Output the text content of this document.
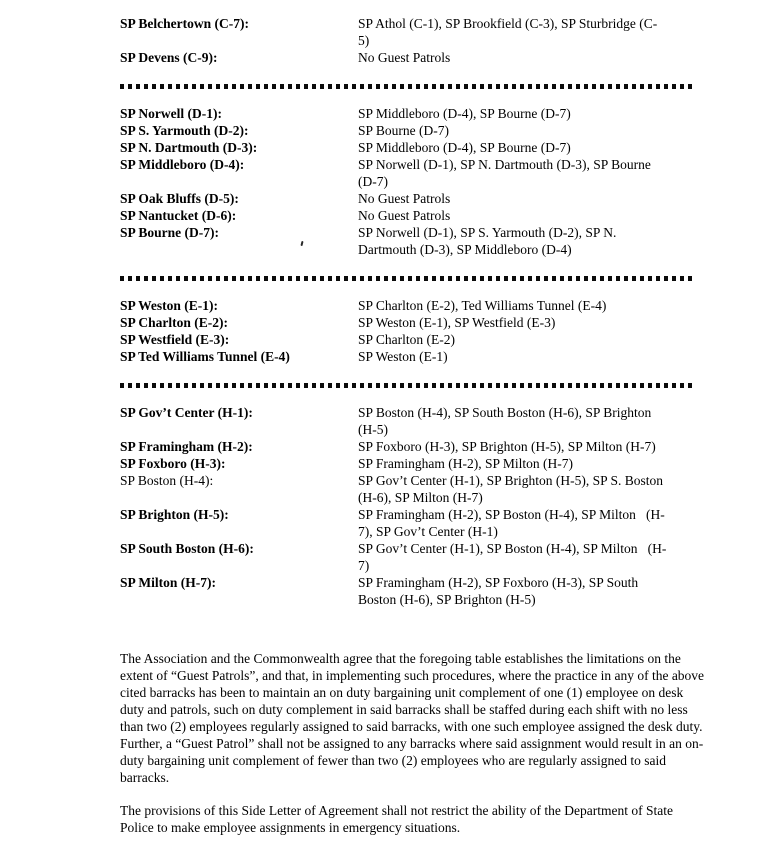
SP Belchertown (C-7):	SP Athol (C-1), SP Brookfield (C-3), SP Sturbridge (C-
5)
SP Devens (C-9):	No Guest Patrols
SP Norwell (D-1):	SP Middleboro (D-4), SP Bourne (D-7)
SP S. Yarmouth (D-2):	SP Bourne (D-7)
SP N. Dartmouth (D-3):	SP Middleboro (D-4), SP Bourne (D-7)
SP Middleboro (D-4):	SP Norwell (D-1), SP N. Dartmouth (D-3), SP Bourne
(D-7)
SP Oak Bluffs (D-5):	No Guest Patrols
SP Nantucket (D-6):	No Guest Patrols
SP Bourne (D-7):	SP Norwell (D-1), SP S. Yarmouth (D-2), SP N.
Dartmouth (D-3), SP Middleboro (D-4)
SP Weston (E-1):	SP Charlton (E-2), Ted Williams Tunnel (E-4)
SP Charlton (E-2):	SP Weston (E-1), SP Westfield (E-3)
SP Westfield (E-3):	SP Charlton (E-2)
SP Ted Williams Tunnel (E-4)	SP Weston (E-1)
SP Gov’t Center (H-1):	SP Boston (H-4), SP South Boston (H-6), SP Brighton
(H-5)
SP Framingham (H-2):	SP Foxboro (H-3), SP Brighton (H-5), SP Milton (H-7)
SP Foxboro (H-3):	SP Framingham (H-2), SP Milton (H-7)
SP Boston (H-4):	SP Gov’t Center (H-1), SP Brighton (H-5), SP S. Boston
(H-6), SP Milton (H-7)
SP Brighton (H-5):	SP Framingham (H-2), SP Boston (H-4), SP Milton   (H-
7), SP Gov’t Center (H-1)
SP South Boston (H-6):	SP Gov’t Center (H-1), SP Boston (H-4), SP Milton   (H-
7)
SP Milton (H-7):	SP Framingham (H-2), SP Foxboro (H-3), SP South
Boston (H-6), SP Brighton (H-5)

The Association and the Commonwealth agree that the foregoing table establishes the limitations on the extent of “Guest Patrols”, and that, in implementing such procedures, where the practice in any of the above cited barracks has been to maintain an on duty bargaining unit complement of one (1) employee on desk duty and patrols, such on duty complement in said barracks shall be staffed during each shift with no less than two (2) employees regularly assigned to said barracks, with one such employee assigned the desk duty.  Further, a “Guest Patrol” shall not be assigned to any barracks where said assignment would result in an on-duty bargaining unit complement of fewer than two (2) employees who are regularly assigned to said barracks.

The provisions of this Side Letter of Agreement shall not restrict the ability of the Department of State Police to make employee assignments in emergency situations.
